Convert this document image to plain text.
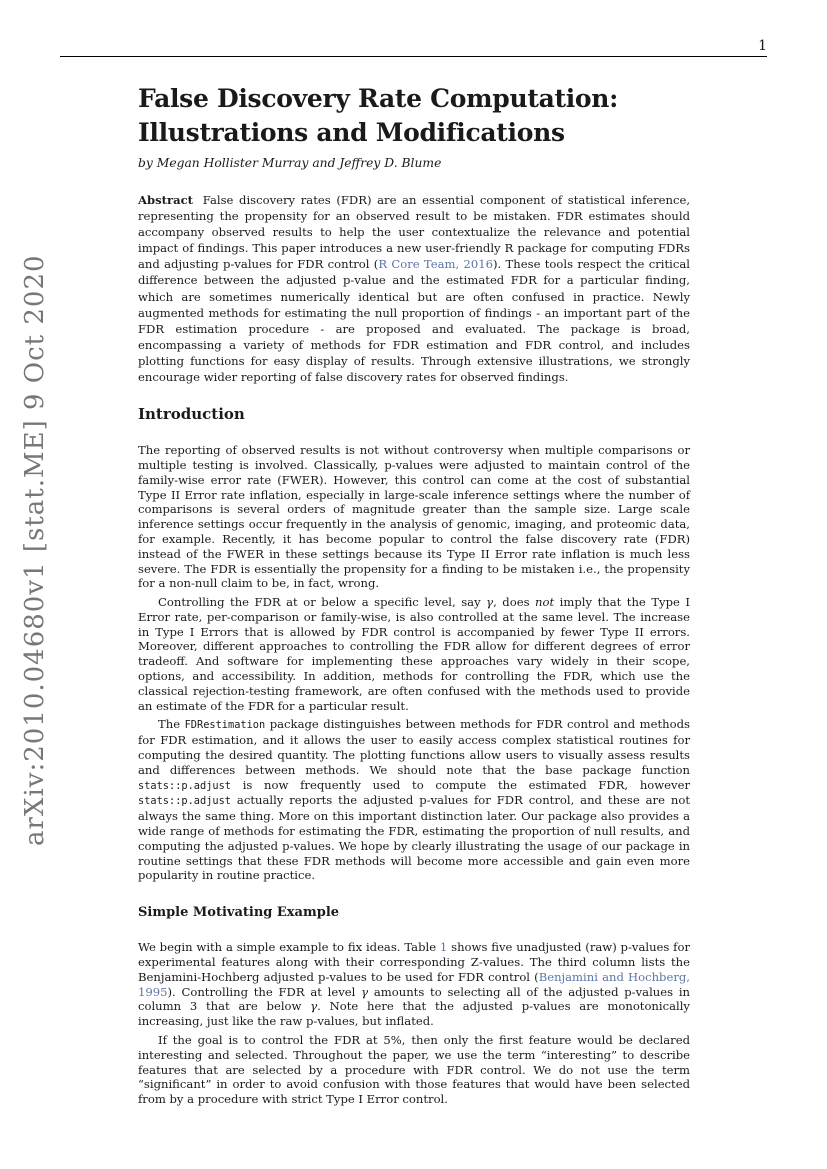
1
arXiv:2010.04680v1 [stat.ME] 9 Oct 2020
False Discovery Rate Computation:
Illustrations and Modifications
by Megan Hollister Murray and Jeffrey D. Blume

Abstract False discovery rates (FDR) are an essential component of statistical inference, representing the propensity for an observed result to be mistaken. FDR estimates should accompany observed results to help the user contextualize the relevance and potential impact of findings. This paper introduces a new user-friendly R package for computing FDRs and adjusting p-values for FDR control (R Core Team, 2016). These tools respect the critical difference between the adjusted p-value and the estimated FDR for a particular finding, which are sometimes numerically identical but are often confused in practice. Newly augmented methods for estimating the null proportion of findings - an important part of the FDR estimation procedure - are proposed and evaluated. The package is broad, encompassing a variety of methods for FDR estimation and FDR control, and includes plotting functions for easy display of results. Through extensive illustrations, we strongly encourage wider reporting of false discovery rates for observed findings.

Introduction

The reporting of observed results is not without controversy when multiple comparisons or multiple testing is involved. Classically, p-values were adjusted to maintain control of the family-wise error rate (FWER). However, this control can come at the cost of substantial Type II Error rate inflation, especially in large-scale inference settings where the number of comparisons is several orders of magnitude greater than the sample size. Large scale inference settings occur frequently in the analysis of genomic, imaging, and proteomic data, for example. Recently, it has become popular to control the false discovery rate (FDR) instead of the FWER in these settings because its Type II Error rate inflation is much less severe. The FDR is essentially the propensity for a finding to be mistaken i.e., the propensity for a non-null claim to be, in fact, wrong.

Controlling the FDR at or below a specific level, say γ, does not imply that the Type I Error rate, per-comparison or family-wise, is also controlled at the same level. The increase in Type I Errors that is allowed by FDR control is accompanied by fewer Type II errors. Moreover, different approaches to controlling the FDR allow for different degrees of error tradeoff. And software for implementing these approaches vary widely in their scope, options, and accessibility. In addition, methods for controlling the FDR, which use the classical rejection-testing framework, are often confused with the methods used to provide an estimate of the FDR for a particular result.

The FDRestimation package distinguishes between methods for FDR control and methods for FDR estimation, and it allows the user to easily access complex statistical routines for computing the desired quantity. The plotting functions allow users to visually assess results and differences between methods. We should note that the base package function stats::p.adjust is now frequently used to compute the estimated FDR, however stats::p.adjust actually reports the adjusted p-values for FDR control, and these are not always the same thing. More on this important distinction later. Our package also provides a wide range of methods for estimating the FDR, estimating the proportion of null results, and computing the adjusted p-values. We hope by clearly illustrating the usage of our package in routine settings that these FDR methods will become more accessible and gain even more popularity in routine practice.

Simple Motivating Example

We begin with a simple example to fix ideas. Table 1 shows five unadjusted (raw) p-values for experimental features along with their corresponding Z-values. The third column lists the Benjamini-Hochberg adjusted p-values to be used for FDR control (Benjamini and Hochberg, 1995). Controlling the FDR at level γ amounts to selecting all of the adjusted p-values in column 3 that are below γ. Note here that the adjusted p-values are monotonically increasing, just like the raw p-values, but inflated.

If the goal is to control the FDR at 5%, then only the first feature would be declared interesting and selected. Throughout the paper, we use the term “interesting” to describe features that are selected by a procedure with FDR control. We do not use the term “significant” in order to avoid confusion with those features that would have been selected from by a procedure with strict Type I Error control.
